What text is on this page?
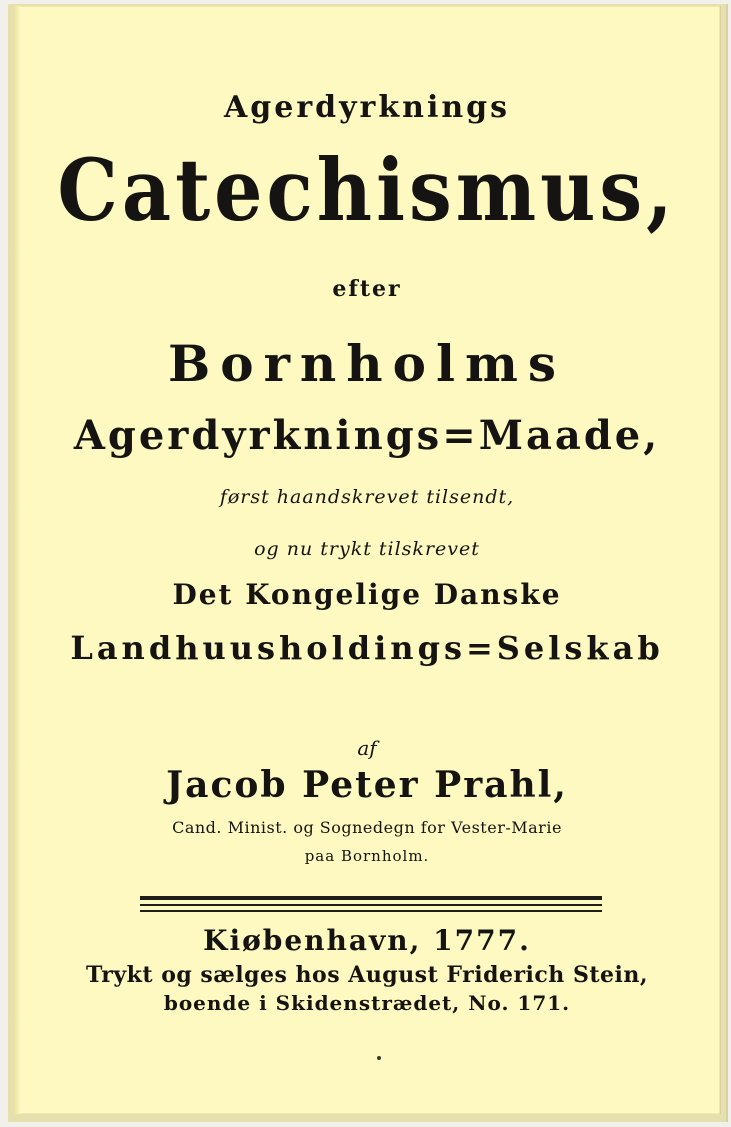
Agerdyrknings
Catechismus,
efter
Bornholms
Agerdyrknings=Maade,
først haandskrevet tilsendt,
og nu trykt tilskrevet
Det Kongelige Danske
Landhuusholdings=Selskab
af
Jacob Peter Prahl,
Cand. Minist. og Sognedegn for Vester-Marie
paa Bornholm.
Kiøbenhavn, 1777.
Trykt og sælges hos August Friderich Stein,
boende i Skidenstrædet, No. 171.
